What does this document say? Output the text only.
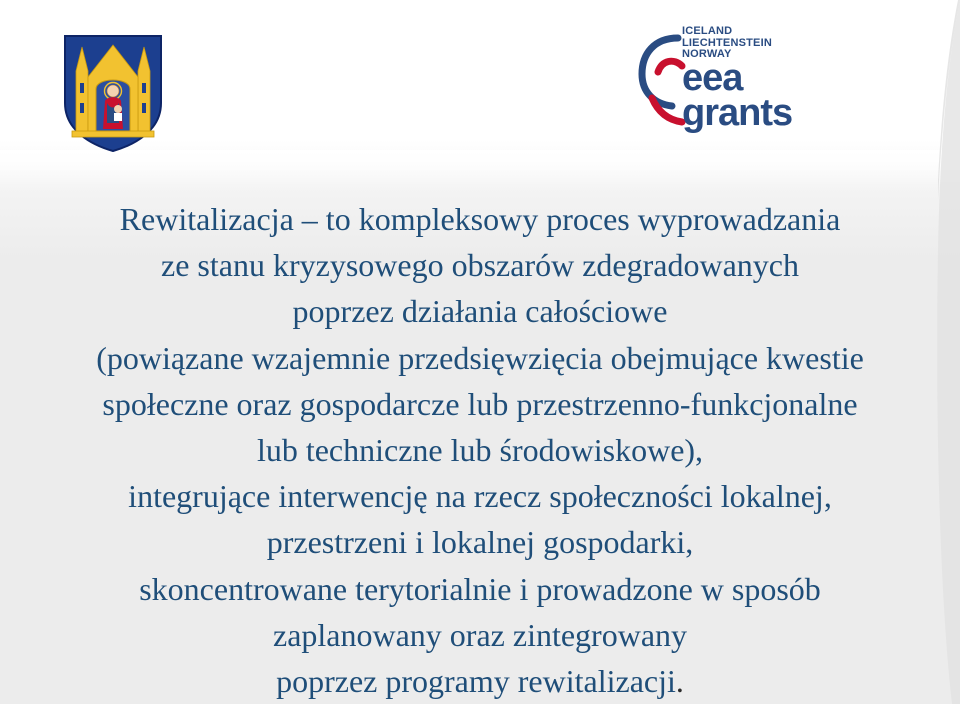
ICELAND
LIECHTENSTEIN
NORWAY
eea
grants
Rewitalizacja – to kompleksowy proces wyprowadzania
ze stanu kryzysowego obszarów zdegradowanych
poprzez działania całościowe
(powiązane wzajemnie przedsięwzięcia obejmujące kwestie
społeczne oraz gospodarcze lub przestrzenno-funkcjonalne
lub techniczne lub środowiskowe),
integrujące interwencję na rzecz społeczności lokalnej,
przestrzeni i lokalnej gospodarki,
skoncentrowane terytorialnie i prowadzone w sposób
zaplanowany oraz zintegrowany
poprzez programy rewitalizacji.
